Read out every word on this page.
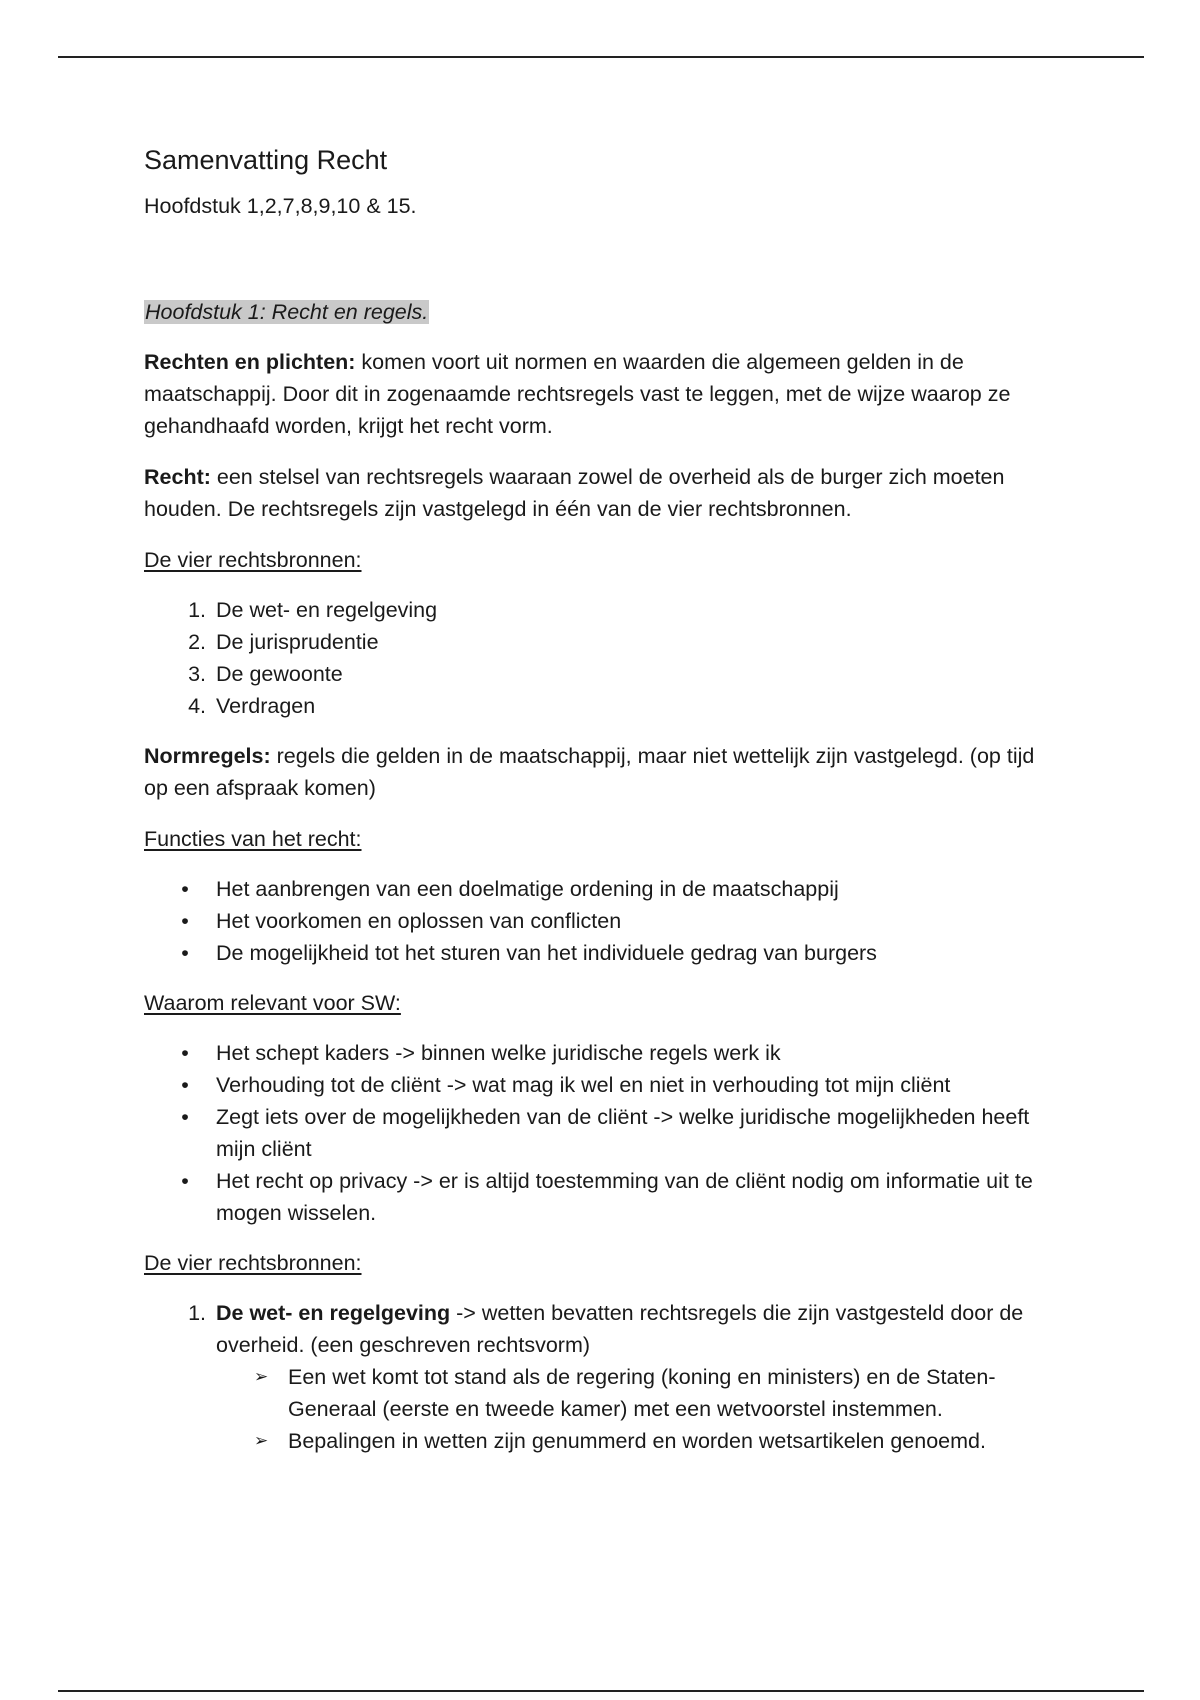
Samenvatting Recht
Hoofdstuk 1,2,7,8,9,10 & 15.
Hoofdstuk 1: Recht en regels.

Rechten en plichten: komen voort uit normen en waarden die algemeen gelden in de maatschappij. Door dit in zogenaamde rechtsregels vast te leggen, met de wijze waarop ze gehandhaafd worden, krijgt het recht vorm.

Recht: een stelsel van rechtsregels waaraan zowel de overheid als de burger zich moeten houden. De rechtsregels zijn vastgelegd in één van de vier rechtsbronnen.

De vier rechtsbronnen:
1. De wet- en regelgeving
2. De jurisprudentie
3. De gewoonte
4. Verdragen

Normregels: regels die gelden in de maatschappij, maar niet wettelijk zijn vastgelegd. (op tijd op een afspraak komen)

Functies van het recht:
• Het aanbrengen van een doelmatige ordening in de maatschappij
• Het voorkomen en oplossen van conflicten
• De mogelijkheid tot het sturen van het individuele gedrag van burgers
Waarom relevant voor SW:
• Het schept kaders -> binnen welke juridische regels werk ik
• Verhouding tot de cliënt -> wat mag ik wel en niet in verhouding tot mijn cliënt
• Zegt iets over de mogelijkheden van de cliënt -> welke juridische mogelijkheden heeft mijn cliënt
• Het recht op privacy -> er is altijd toestemming van de cliënt nodig om informatie uit te mogen wisselen.
De vier rechtsbronnen:
1. De wet- en regelgeving -> wetten bevatten rechtsregels die zijn vastgesteld door de overheid. (een geschreven rechtsvorm)
➢ Een wet komt tot stand als de regering (koning en ministers) en de Staten-Generaal (eerste en tweede kamer) met een wetvoorstel instemmen.
➢ Bepalingen in wetten zijn genummerd en worden wetsartikelen genoemd.
